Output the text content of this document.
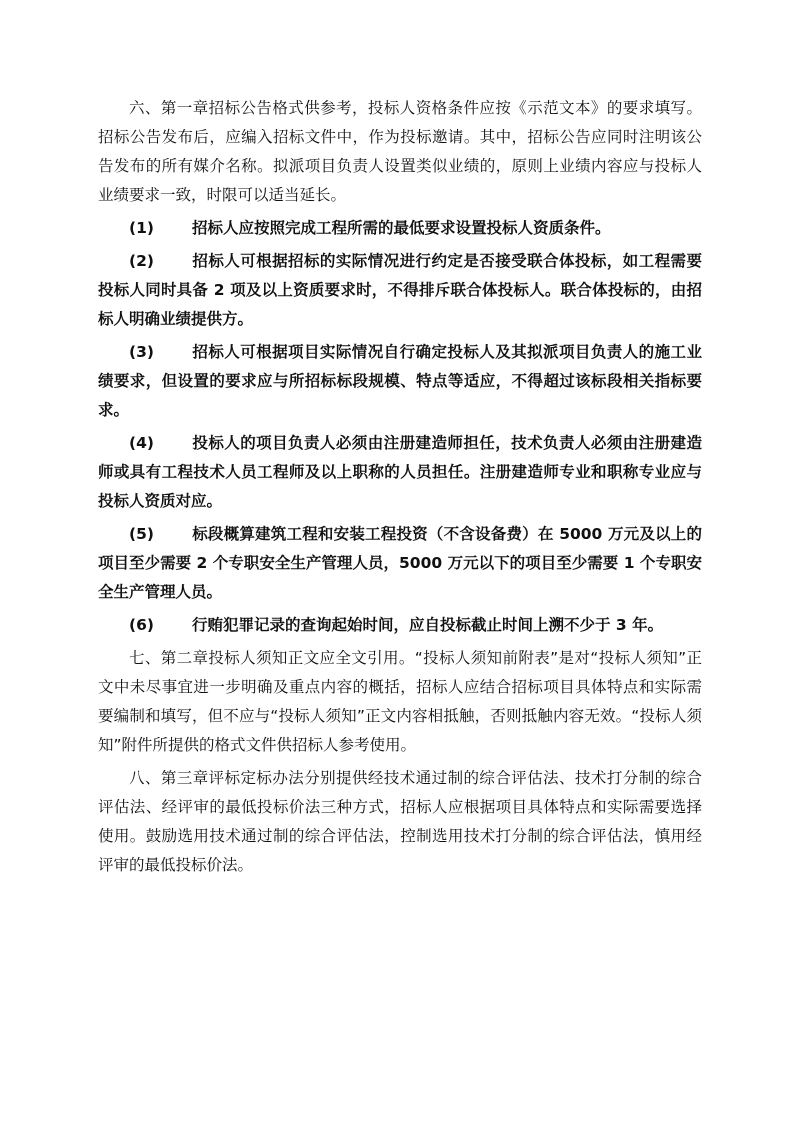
六、第一章招标公告格式供参考，投标人资格条件应按《示范文本》的要求填写。招标公告发布后，应编入招标文件中，作为投标邀请。其中，招标公告应同时注明该公告发布的所有媒介名称。拟派项目负责人设置类似业绩的，原则上业绩内容应与投标人业绩要求一致，时限可以适当延长。

(1) 招标人应按照完成工程所需的最低要求设置投标人资质条件。

(2) 招标人可根据招标的实际情况进行约定是否接受联合体投标，如工程需要投标人同时具备 2 项及以上资质要求时，不得排斥联合体投标人。联合体投标的，由招标人明确业绩提供方。

(3) 招标人可根据项目实际情况自行确定投标人及其拟派项目负责人的施工业绩要求，但设置的要求应与所招标标段规模、特点等适应，不得超过该标段相关指标要求。

(4) 投标人的项目负责人必须由注册建造师担任，技术负责人必须由注册建造师或具有工程技术人员工程师及以上职称的人员担任。注册建造师专业和职称专业应与投标人资质对应。

(5) 标段概算建筑工程和安装工程投资（不含设备费）在 5000 万元及以上的项目至少需要 2 个专职安全生产管理人员，5000 万元以下的项目至少需要 1 个专职安全生产管理人员。

(6) 行贿犯罪记录的查询起始时间，应自投标截止时间上溯不少于 3 年。

七、第二章投标人须知正文应全文引用。“投标人须知前附表”是对“投标人须知”正文中未尽事宜进一步明确及重点内容的概括，招标人应结合招标项目具体特点和实际需要编制和填写，但不应与“投标人须知”正文内容相抵触，否则抵触内容无效。“投标人须知”附件所提供的格式文件供招标人参考使用。

八、第三章评标定标办法分别提供经技术通过制的综合评估法、技术打分制的综合评估法、经评审的最低投标价法三种方式，招标人应根据项目具体特点和实际需要选择使用。鼓励选用技术通过制的综合评估法，控制选用技术打分制的综合评估法，慎用经评审的最低投标价法。
